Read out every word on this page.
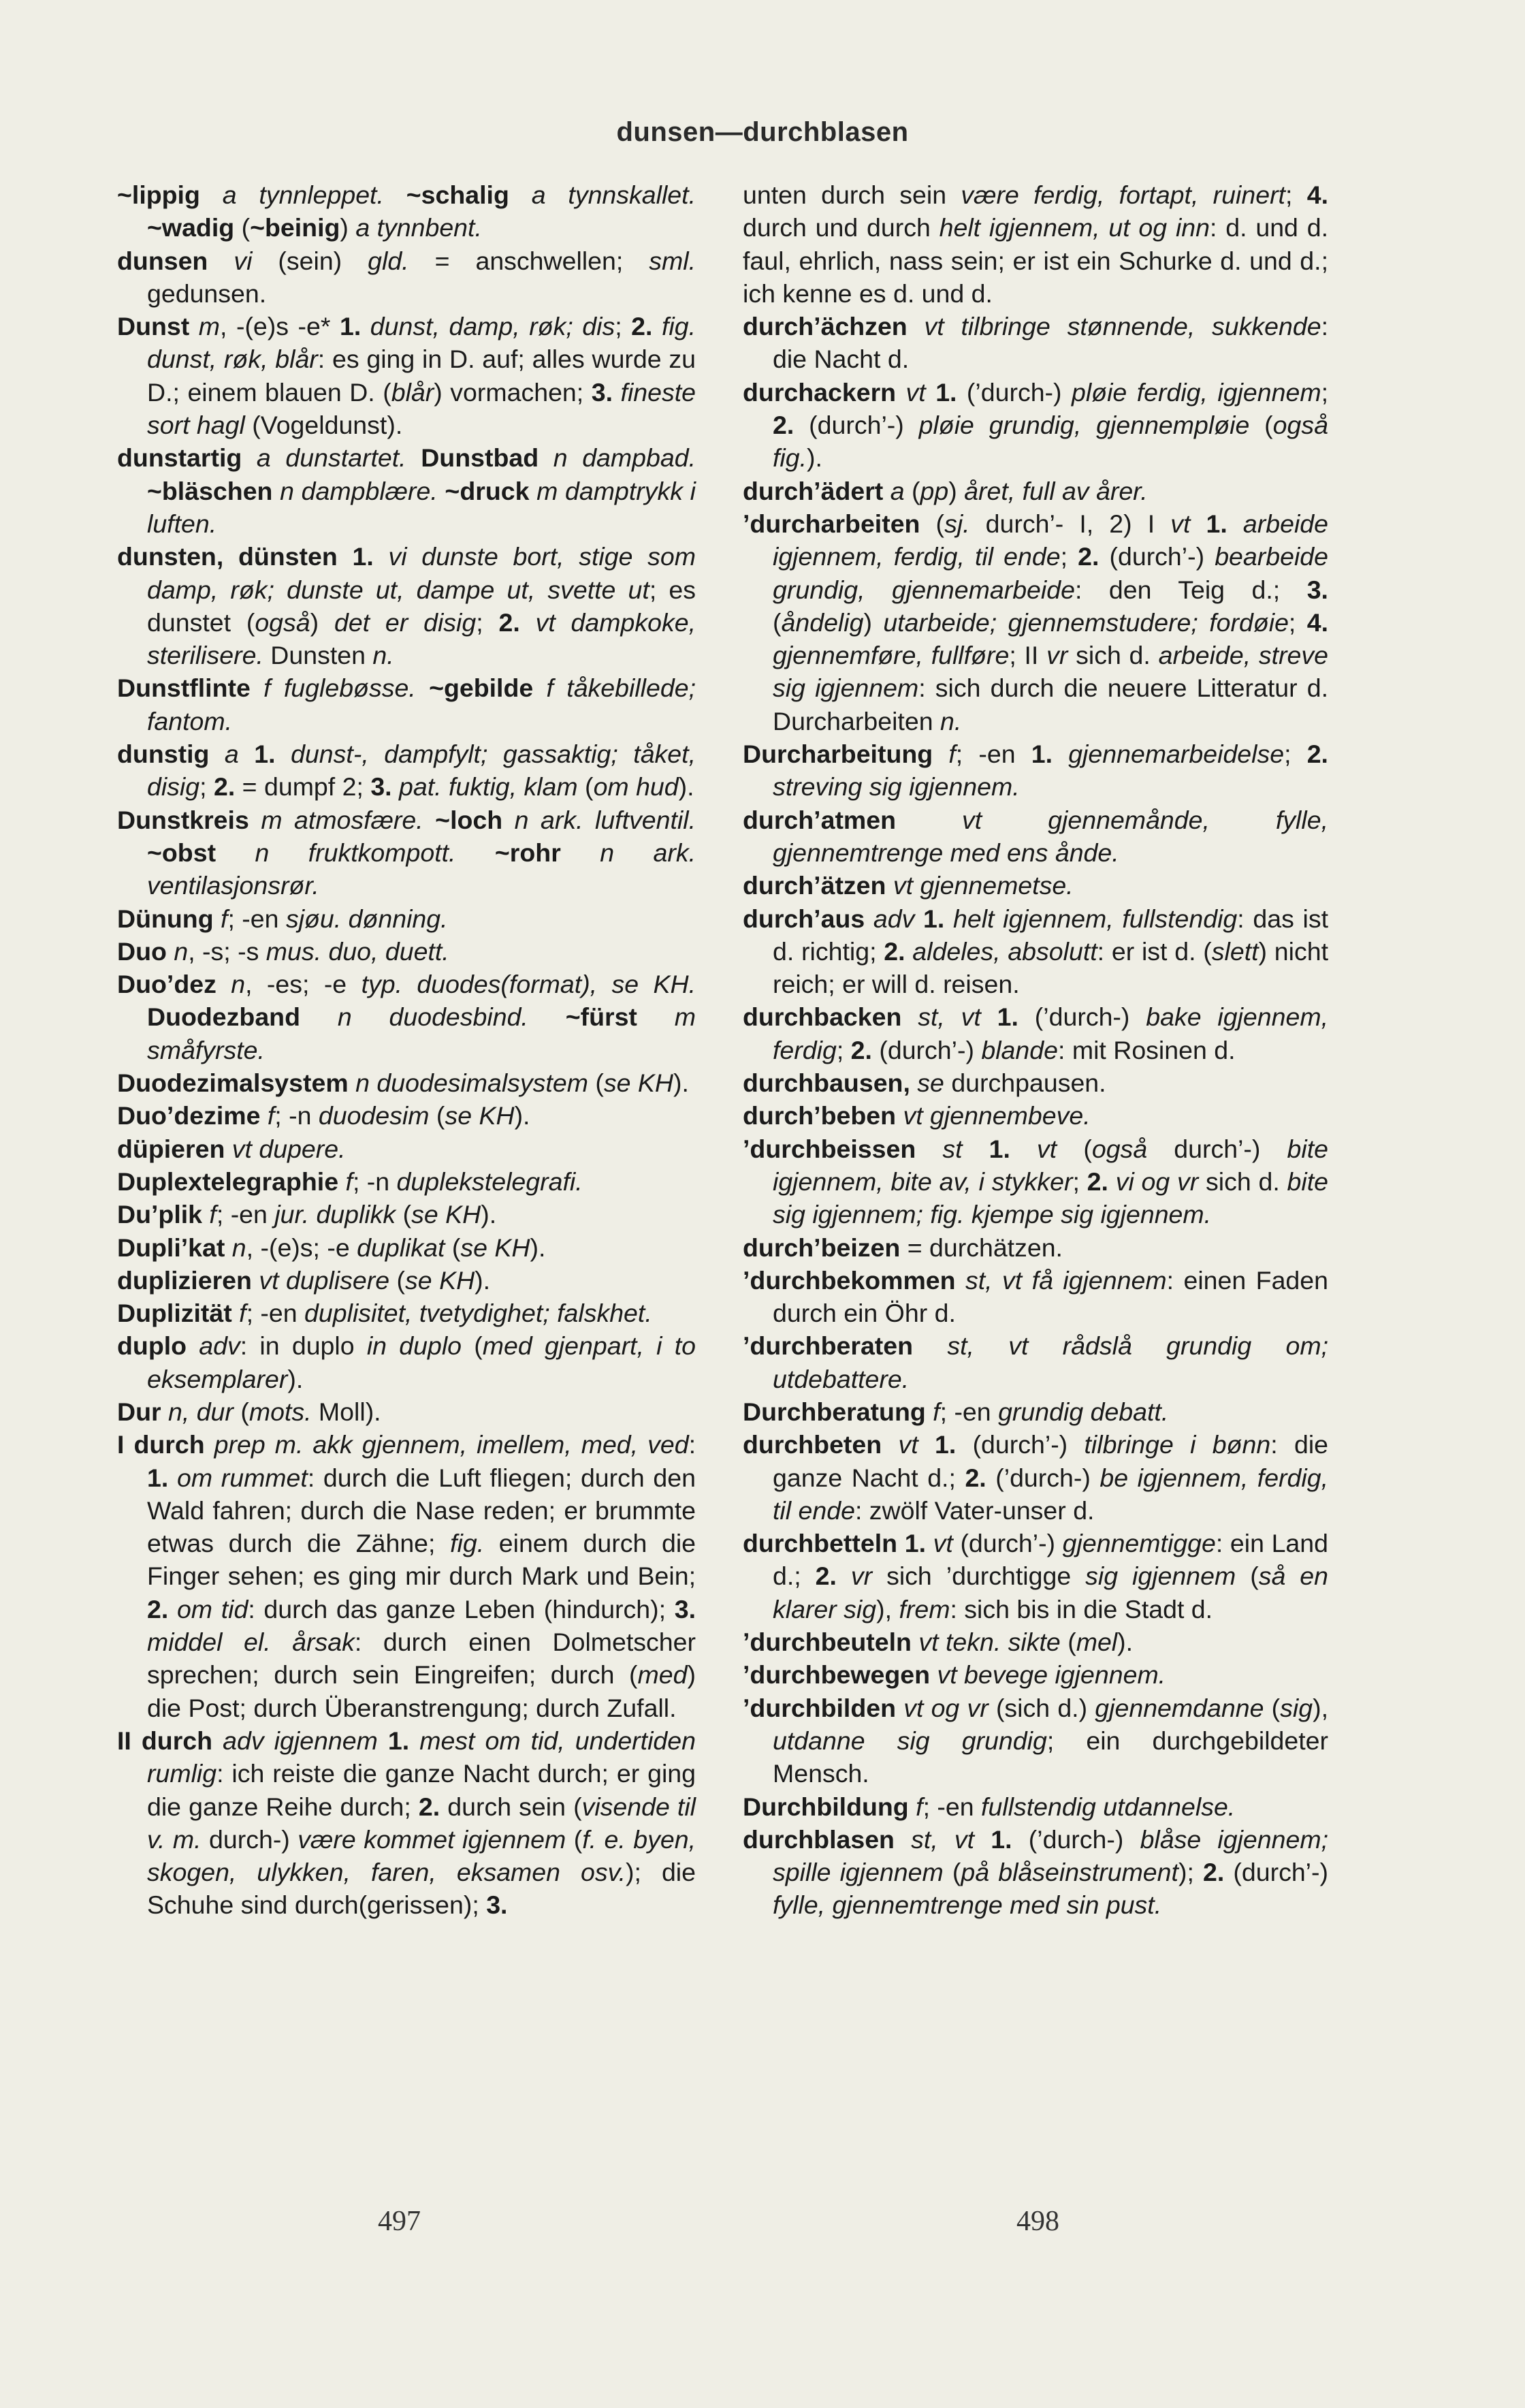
dunsen—durchblasen

~lippig a tynnleppet. ~schalig a tynnskallet. ~wadig (~beinig) a tynnbent.

dunsen vi (sein) gld. = anschwellen; sml. gedunsen.

Dunst m, -(e)s -e* 1. dunst, damp, røk; dis; 2. fig. dunst, røk, blår: es ging in D. auf; alles wurde zu D.; einem blauen D. (blår) vormachen; 3. fineste sort hagl (Vogeldunst).

dunstartig a dunstartet. Dunstbad n dampbad. ~bläschen n dampblære. ~druck m damptrykk i luften.

dunsten, dünsten 1. vi dunste bort, stige som damp, røk; dunste ut, dampe ut, svette ut; es dunstet (også) det er disig; 2. vt dampkoke, sterilisere. Dunsten n.

Dunstflinte f fuglebøsse. ~gebilde f tåkebillede; fantom.

dunstig a 1. dunst-, dampfylt; gassaktig; tåket, disig; 2. = dumpf 2; 3. pat. fuktig, klam (om hud).

Dunstkreis m atmosfære. ~loch n ark. luftventil. ~obst n fruktkompott. ~rohr n ark. ventilasjonsrør.

Dünung f; -en sjøu. dønning.

Duo n, -s; -s mus. duo, duett.

Duo’dez n, -es; -e typ. duodes(format), se KH. Duodezband n duodesbind. ~fürst m småfyrste.

Duodezimalsystem n duodesimalsystem (se KH).

Duo’dezime f; -n duodesim (se KH).

düpieren vt dupere.

Duplextelegraphie f; -n duplekstelegrafi.

Du’plik f; -en jur. duplikk (se KH).

Dupli’kat n, -(e)s; -e duplikat (se KH).

duplizieren vt duplisere (se KH).

Duplizität f; -en duplisitet, tvetydighet; falskhet.

duplo adv: in duplo in duplo (med gjenpart, i to eksemplarer).

Dur n, dur (mots. Moll).

I durch prep m. akk gjennem, imellem, med, ved: 1. om rummet: durch die Luft fliegen; durch den Wald fahren; durch die Nase reden; er brummte etwas durch die Zähne; fig. einem durch die Finger sehen; es ging mir durch Mark und Bein; 2. om tid: durch das ganze Leben (hindurch); 3. middel el. årsak: durch einen Dolmetscher sprechen; durch sein Eingreifen; durch (med) die Post; durch Überanstrengung; durch Zufall.

II durch adv igjennem 1. mest om tid, undertiden rumlig: ich reiste die ganze Nacht durch; er ging die ganze Reihe durch; 2. durch sein (visende til v. m. durch-) være kommet igjennem (f. e. byen, skogen, ulykken, faren, eksamen osv.); die Schuhe sind durch(gerissen); 3.

unten durch sein være ferdig, fortapt, ruinert; 4. durch und durch helt igjennem, ut og inn: d. und d. faul, ehrlich, nass sein; er ist ein Schurke d. und d.; ich kenne es d. und d.

durch’ächzen vt tilbringe stønnende, sukkende: die Nacht d.

durchackern vt 1. (’durch-) pløie ferdig, igjennem; 2. (durch’-) pløie grundig, gjennempløie (også fig.).

durch’ädert a (pp) året, full av årer.

’durcharbeiten (sj. durch’- I, 2) I vt 1. arbeide igjennem, ferdig, til ende; 2. (durch’-) bearbeide grundig, gjennemarbeide: den Teig d.; 3. (åndelig) utarbeide; gjennemstudere; fordøie; 4. gjennemføre, fullføre; II vr sich d. arbeide, streve sig igjennem: sich durch die neuere Litteratur d. Durcharbeiten n.

Durcharbeitung f; -en 1. gjennemarbeidelse; 2. streving sig igjennem.

durch’atmen vt gjennemånde, fylle, gjennemtrenge med ens ånde.

durch’ätzen vt gjennemetse.

durch’aus adv 1. helt igjennem, fullstendig: das ist d. richtig; 2. aldeles, absolutt: er ist d. (slett) nicht reich; er will d. reisen.

durchbacken st, vt 1. (’durch-) bake igjennem, ferdig; 2. (durch’-) blande: mit Rosinen d.

durchbausen, se durchpausen.

durch’beben vt gjennembeve.

’durchbeissen st 1. vt (også durch’-) bite igjennem, bite av, i stykker; 2. vi og vr sich d. bite sig igjennem; fig. kjempe sig igjennem.

durch’beizen = durchätzen.

’durchbekommen st, vt få igjennem: einen Faden durch ein Öhr d.

’durchberaten st, vt rådslå grundig om; utdebattere.

Durchberatung f; -en grundig debatt.

durchbeten vt 1. (durch’-) tilbringe i bønn: die ganze Nacht d.; 2. (’durch-) be igjennem, ferdig, til ende: zwölf Vater-unser d.

durchbetteln 1. vt (durch’-) gjennemtigge: ein Land d.; 2. vr sich ’durchtigge sig igjennem (så en klarer sig), frem: sich bis in die Stadt d.

’durchbeuteln vt tekn. sikte (mel).

’durchbewegen vt bevege igjennem.

’durchbilden vt og vr (sich d.) gjennemdanne (sig), utdanne sig grundig; ein durchgebildeter Mensch.

Durchbildung f; -en fullstendig utdannelse.

durchblasen st, vt 1. (’durch-) blåse igjennem; spille igjennem (på blåseinstrument); 2. (durch’-) fylle, gjennemtrenge med sin pust.

497	498
